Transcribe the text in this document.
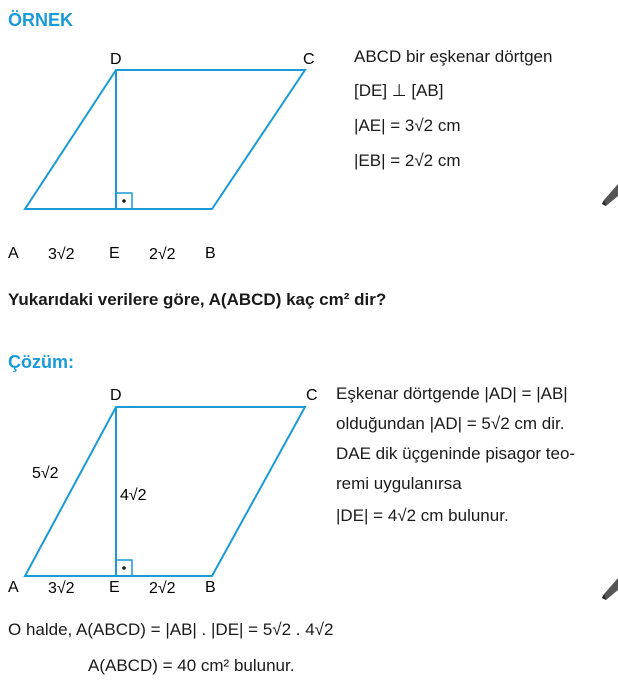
ÖRNEK
D	C
A	E	B
3√2	2√2
ABCD bir eşkenar dörtgen
[DE] ⊥ [AB]
|AE| = 3√2 cm
|EB| = 2√2 cm
Yukarıdaki verilere göre, A(ABCD) kaç cm² dir?
Çözüm:
D	C
A	E	B
5√2
4√2
3√2	2√2
Eşkenar dörtgende |AD| = |AB|
olduğundan |AD| = 5√2 cm dir.
DAE dik üçgeninde pisagor teo-
remi uygulanırsa
|DE| = 4√2 cm bulunur.
O halde, A(ABCD) = |AB| . |DE| = 5√2 . 4√2
A(ABCD) = 40 cm² bulunur.
